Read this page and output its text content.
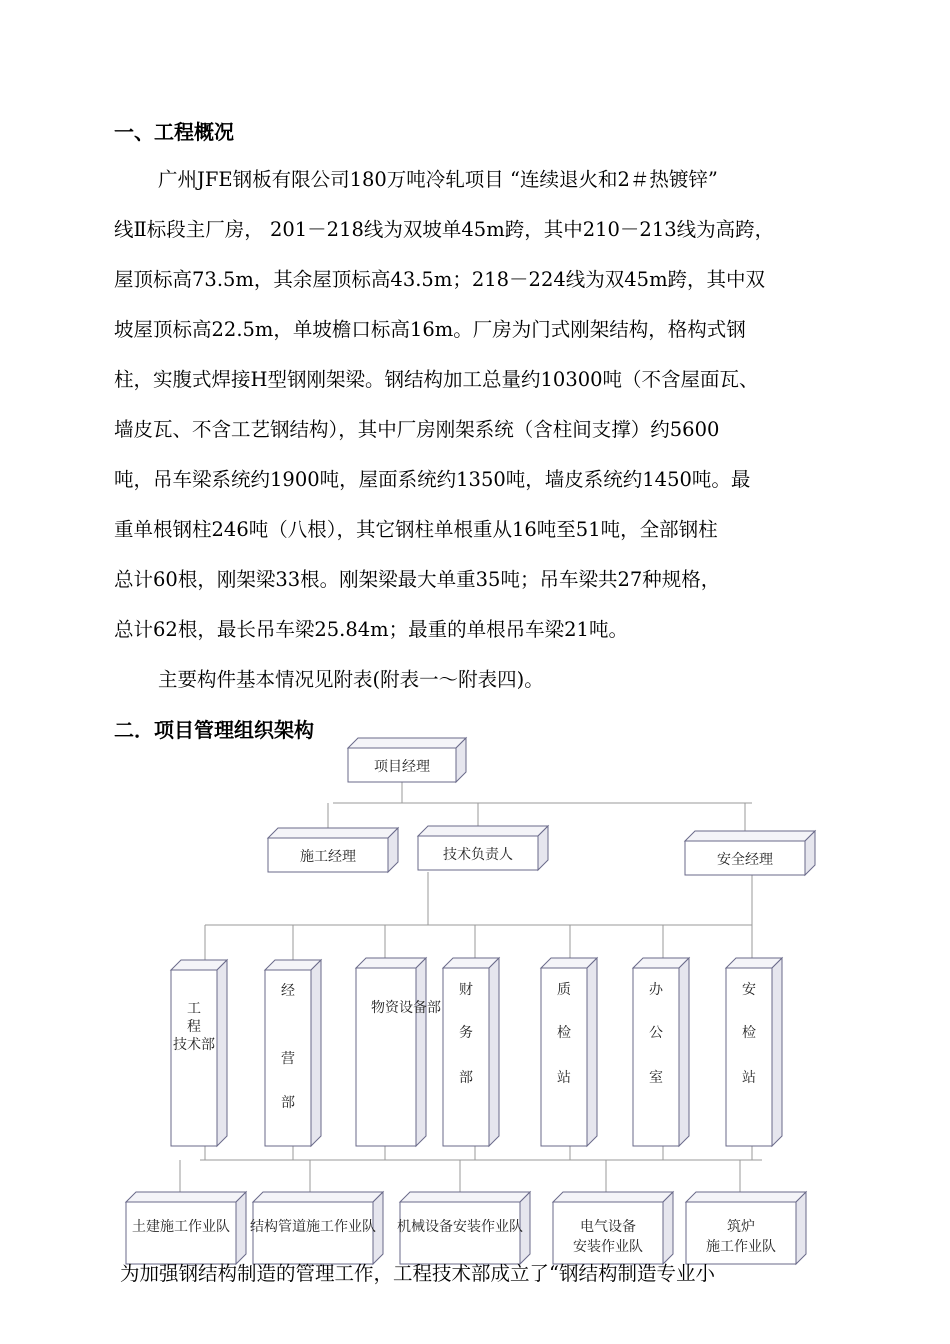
一、工程概况
广州JFE钢板有限公司180万吨冷轧项目 “连续退火和2＃热镀锌”
线Ⅱ标段主厂房， 201－218线为双坡单45m跨，其中210－213线为高跨，
屋顶标高73.5m，其余屋顶标高43.5m；218－224线为双45m跨，其中双
坡屋顶标高22.5m，单坡檐口标高16m。厂房为门式刚架结构，格构式钢
柱，实腹式焊接H型钢刚架梁。钢结构加工总量约10300吨（不含屋面瓦、
墙皮瓦、不含工艺钢结构），其中厂房刚架系统（含柱间支撑）约5600
吨，吊车梁系统约1900吨，屋面系统约1350吨，墙皮系统约1450吨。最
重单根钢柱246吨（八根），其它钢柱单根重从16吨至51吨，全部钢柱
总计60根，刚架梁33根。刚架梁最大单重35吨；吊车梁共27种规格，
总计62根，最长吊车梁25.84m；最重的单根吊车梁21吨。
主要构件基本情况见附表(附表一～附表四)。
二．项目管理组织架构
项目经理
施工经理	技术负责人	安全经理
工
程
技术部
经
营
部
物资设备部
财
务
部
质
检
站
办
公
室
安
检
站
土建施工作业队 结构管道施工作业队 机械设备安装作业队	电气设备
安装作业队
筑炉
施工作业队
为加强钢结构制造的管理工作，工程技术部成立了“钢结构制造专业小
